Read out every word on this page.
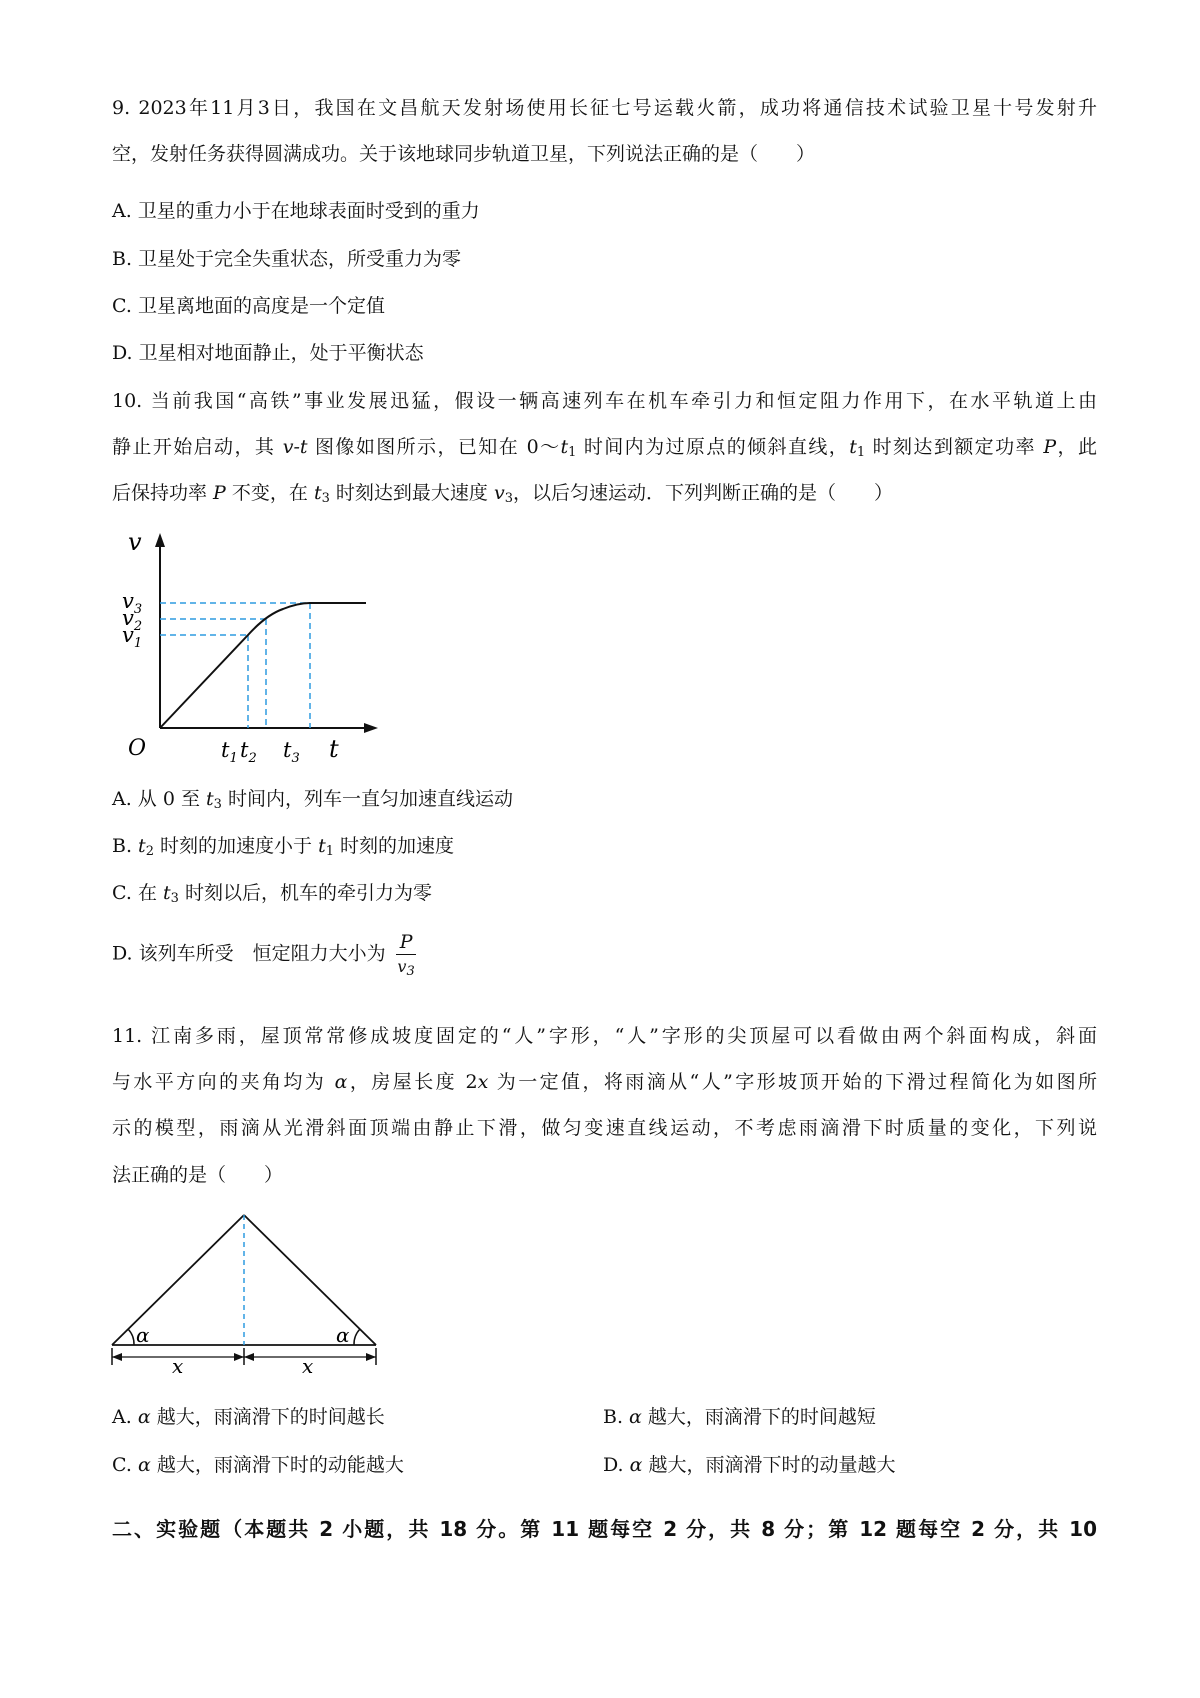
9. 2023年11月3日，我国在文昌航天发射场使用长征七号运载火箭，成功将通信技术试验卫星十号发射升
空，发射任务获得圆满成功。关于该地球同步轨道卫星，下列说法正确的是（　　）
A. 卫星的重力小于在地球表面时受到的重力
B. 卫星处于完全失重状态，所受重力为零
C. 卫星离地面的高度是一个定值
D. 卫星相对地面静止，处于平衡状态
10. 当前我国“高铁”事业发展迅猛，假设一辆高速列车在机车牵引力和恒定阻力作用下，在水平轨道上由
静止开始启动，其 v-t 图像如图所示，已知在 $0\sim t_1$ 时间内为过原点的倾斜直线，$t_1$ 时刻达到额定功率 P，此
后保持功率 P 不变，在 $t_3$ 时刻达到最大速度 $v_3$，以后匀速运动．下列判断正确的是（　　）
v
t
O
$v_3$
$v_2$
$v_1$
$t_1$ $t_2$ $t_3$
A. 从 0 至 $t_3$ 时间内，列车一直匀加速直线运动
B. $t_2$ 时刻的加速度小于 $t_1$ 时刻的加速度
C. 在 $t_3$ 时刻以后，机车的牵引力为零
D. 该列车所受　恒定阻力大小为 $\frac{P}{v_3}$
11. 江南多雨，屋顶常常修成坡度固定的“人”字形，“人”字形的尖顶屋可以看做由两个斜面构成，斜面
与水平方向的夹角均为 α，房屋长度 2x 为一定值，将雨滴从“人”字形坡顶开始的下滑过程简化为如图所
示的模型，雨滴从光滑斜面顶端由静止下滑，做匀变速直线运动，不考虑雨滴滑下时质量的变化，下列说
法正确的是（　　）
α	α
x	x
A. α 越大，雨滴滑下的时间越长	B. α 越大，雨滴滑下的时间越短
C. α 越大，雨滴滑下时的动能越大	D. α 越大，雨滴滑下时的动量越大
二、实验题（本题共 2 小题，共 18 分。第 11 题每空 2 分，共 8 分；第 12 题每空 2 分，共 10
